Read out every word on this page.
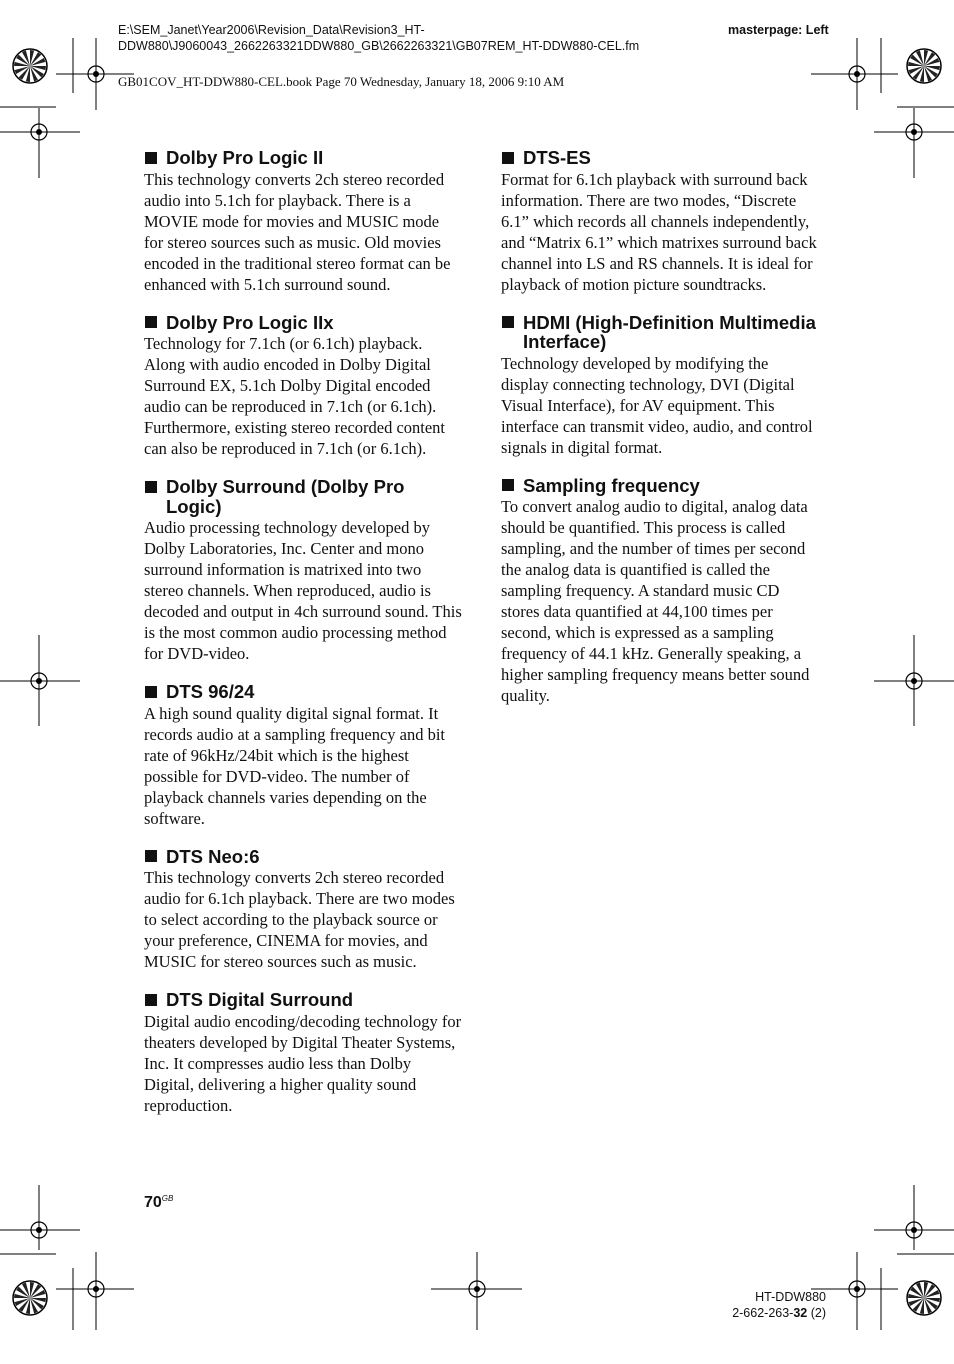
E:\SEM_Janet\Year2006\Revision_Data\Revision3_HT-DDW880\J9060043_2662263321DDW880_GB\2662263321\GB07REM_HT-DDW880-CEL.fm
masterpage: Left
GB01COV_HT-DDW880-CEL.book Page 70 Wednesday, January 18, 2006 9:10 AM
Dolby Pro Logic II

This technology converts 2ch stereo recorded audio into 5.1ch for playback. There is a MOVIE mode for movies and MUSIC mode for stereo sources such as music. Old movies encoded in the traditional stereo format can be enhanced with 5.1ch surround sound.

Dolby Pro Logic IIx

Technology for 7.1ch (or 6.1ch) playback. Along with audio encoded in Dolby Digital Surround EX, 5.1ch Dolby Digital encoded audio can be reproduced in 7.1ch (or 6.1ch). Furthermore, existing stereo recorded content can also be reproduced in 7.1ch (or 6.1ch).

Dolby Surround (Dolby Pro Logic)

Audio processing technology developed by Dolby Laboratories, Inc. Center and mono surround information is matrixed into two stereo channels. When reproduced, audio is decoded and output in 4ch surround sound. This is the most common audio processing method for DVD-video.

DTS 96/24

A high sound quality digital signal format. It records audio at a sampling frequency and bit rate of 96kHz/24bit which is the highest possible for DVD-video. The number of playback channels varies depending on the software.

DTS Neo:6

This technology converts 2ch stereo recorded audio for 6.1ch playback. There are two modes to select according to the playback source or your preference, CINEMA for movies, and MUSIC for stereo sources such as music.

DTS Digital Surround

Digital audio encoding/decoding technology for theaters developed by Digital Theater Systems, Inc. It compresses audio less than Dolby Digital, delivering a higher quality sound reproduction.

DTS-ES

Format for 6.1ch playback with surround back information. There are two modes, “Discrete 6.1” which records all channels independently, and “Matrix 6.1” which matrixes surround back channel into LS and RS channels. It is ideal for playback of motion picture soundtracks.

HDMI (High-Definition Multimedia Interface)

Technology developed by modifying the display connecting technology, DVI (Digital Visual Interface), for AV equipment. This interface can transmit video, audio, and control signals in digital format.

Sampling frequency

To convert analog audio to digital, analog data should be quantified. This process is called sampling, and the number of times per second the analog data is quantified is called the sampling frequency. A standard music CD stores data quantified at 44,100 times per second, which is expressed as a sampling frequency of 44.1 kHz. Generally speaking, a higher sampling frequency means better sound quality.

$70^{GB}$
HT-DDW880
2-662-263-32 (2)
